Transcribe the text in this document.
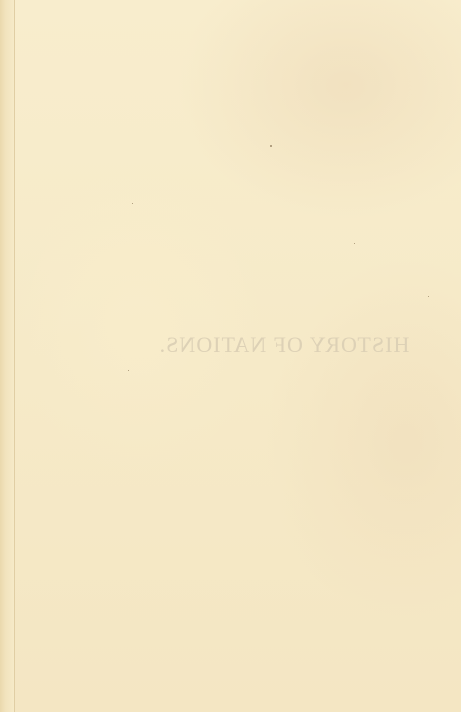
HISTORY OF NATIONS.
